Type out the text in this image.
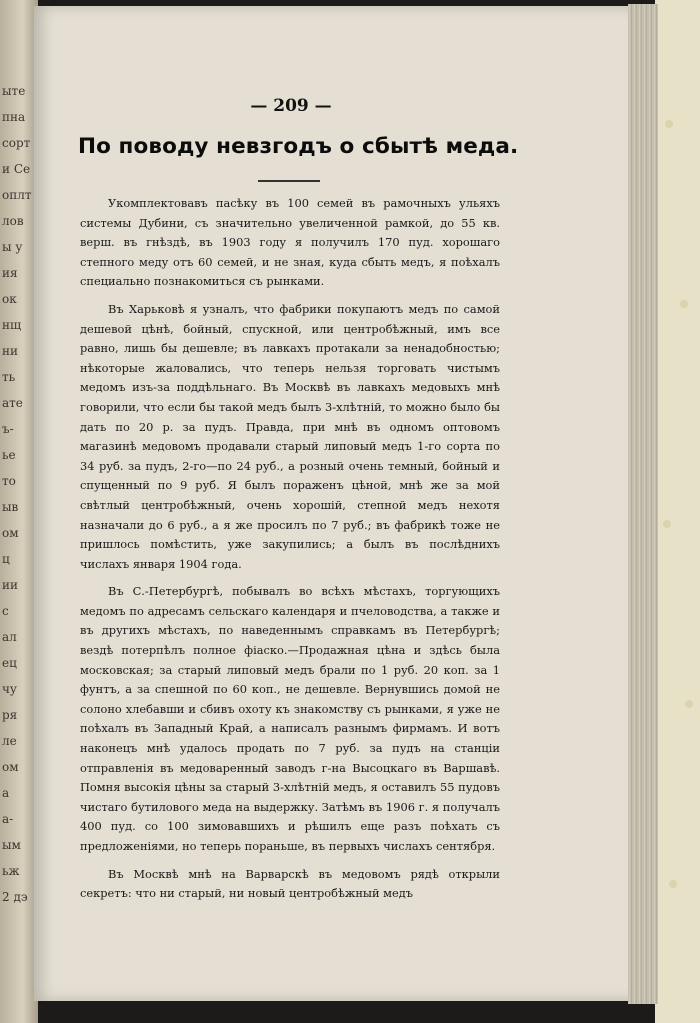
ыте
пна
сорт
и Се
оплт
лов
ы у
ия
ок
нщ
ни
ть
ате
ъ-
ье
то
ыв
ом
ц
ии
с
ал
ец
чу
ря
ле
ом
а
а-
ым
ьж
2 дэ
— 209 —
По поводу невзгодъ о сбытѣ меда.

Укомплектовавъ пасѣку въ 100 семей въ рамочныхъ ульяхъ системы Дубини, съ значительно увеличенной рамкой, до 55 кв. верш. въ гнѣздѣ, въ 1903 году я получилъ 170 пуд. хорошаго степного меду отъ 60 семей, и не зная, куда сбыть медъ, я поѣхалъ специально познакомиться съ рынками.

Въ Харьковѣ я узналъ, что фабрики покупаютъ медъ по самой дешевой цѣнѣ, бойный, спускной, или центробѣжный, имъ все равно, лишь бы дешевле; въ лавкахъ протакали за ненадобностью; нѣкоторые жаловались, что теперь нельзя торговать чистымъ медомъ изъ-за поддѣльнаго. Въ Москвѣ въ лавкахъ медовыхъ мнѣ говорили, что если бы такой медъ былъ 3-хлѣтній, то можно было бы дать по 20 р. за пудъ. Правда, при мнѣ въ одномъ оптовомъ магазинѣ медовомъ продавали старый липовый медъ 1-го сорта по 34 руб. за пудъ, 2-го—по 24 руб., а розный очень темный, бойный и спущенный по 9 руб. Я былъ пораженъ цѣной, мнѣ же за мой свѣтлый центробѣжный, очень хорошій, степной медъ нехотя назначали до 6 руб., а я же просилъ по 7 руб.; въ фабрикѣ тоже не пришлось помѣстить, уже закупились; а былъ въ послѣднихъ числахъ января 1904 года.

Въ С.-Петербургѣ, побывалъ во всѣхъ мѣстахъ, торгующихъ медомъ по адресамъ сельскаго календаря и пчеловодства, а также и въ другихъ мѣстахъ, по наведеннымъ справкамъ въ Петербургѣ; вездѣ потерпѣлъ полное фіаско.—Продажная цѣна и здѣсь была московская; за старый липовый медъ брали по 1 руб. 20 коп. за 1 фунтъ, а за спешной по 60 коп., не дешевле. Вернувшись домой не солоно хлебавши и сбивъ охоту къ знакомству съ рынками, я уже не поѣхалъ въ Западный Край, а написалъ разнымъ фирмамъ. И вотъ наконецъ мнѣ удалось продать по 7 руб. за пудъ на станціи отправленія въ медоваренный заводъ г-на Высоцкаго въ Варшавѣ. Помня высокія цѣны за старый 3-хлѣтній медъ, я оставилъ 55 пудовъ чистаго бутилового меда на выдержку. Затѣмъ въ 1906 г. я получалъ 400 пуд. со 100 зимовавшихъ и рѣшилъ еще разъ поѣхать съ предложеніями, но теперь пораньше, въ первыхъ числахъ сентября.

Въ Москвѣ мнѣ на Варварскѣ въ медовомъ рядѣ открыли секретъ: что ни старый, ни новый центробѣжный медъ
